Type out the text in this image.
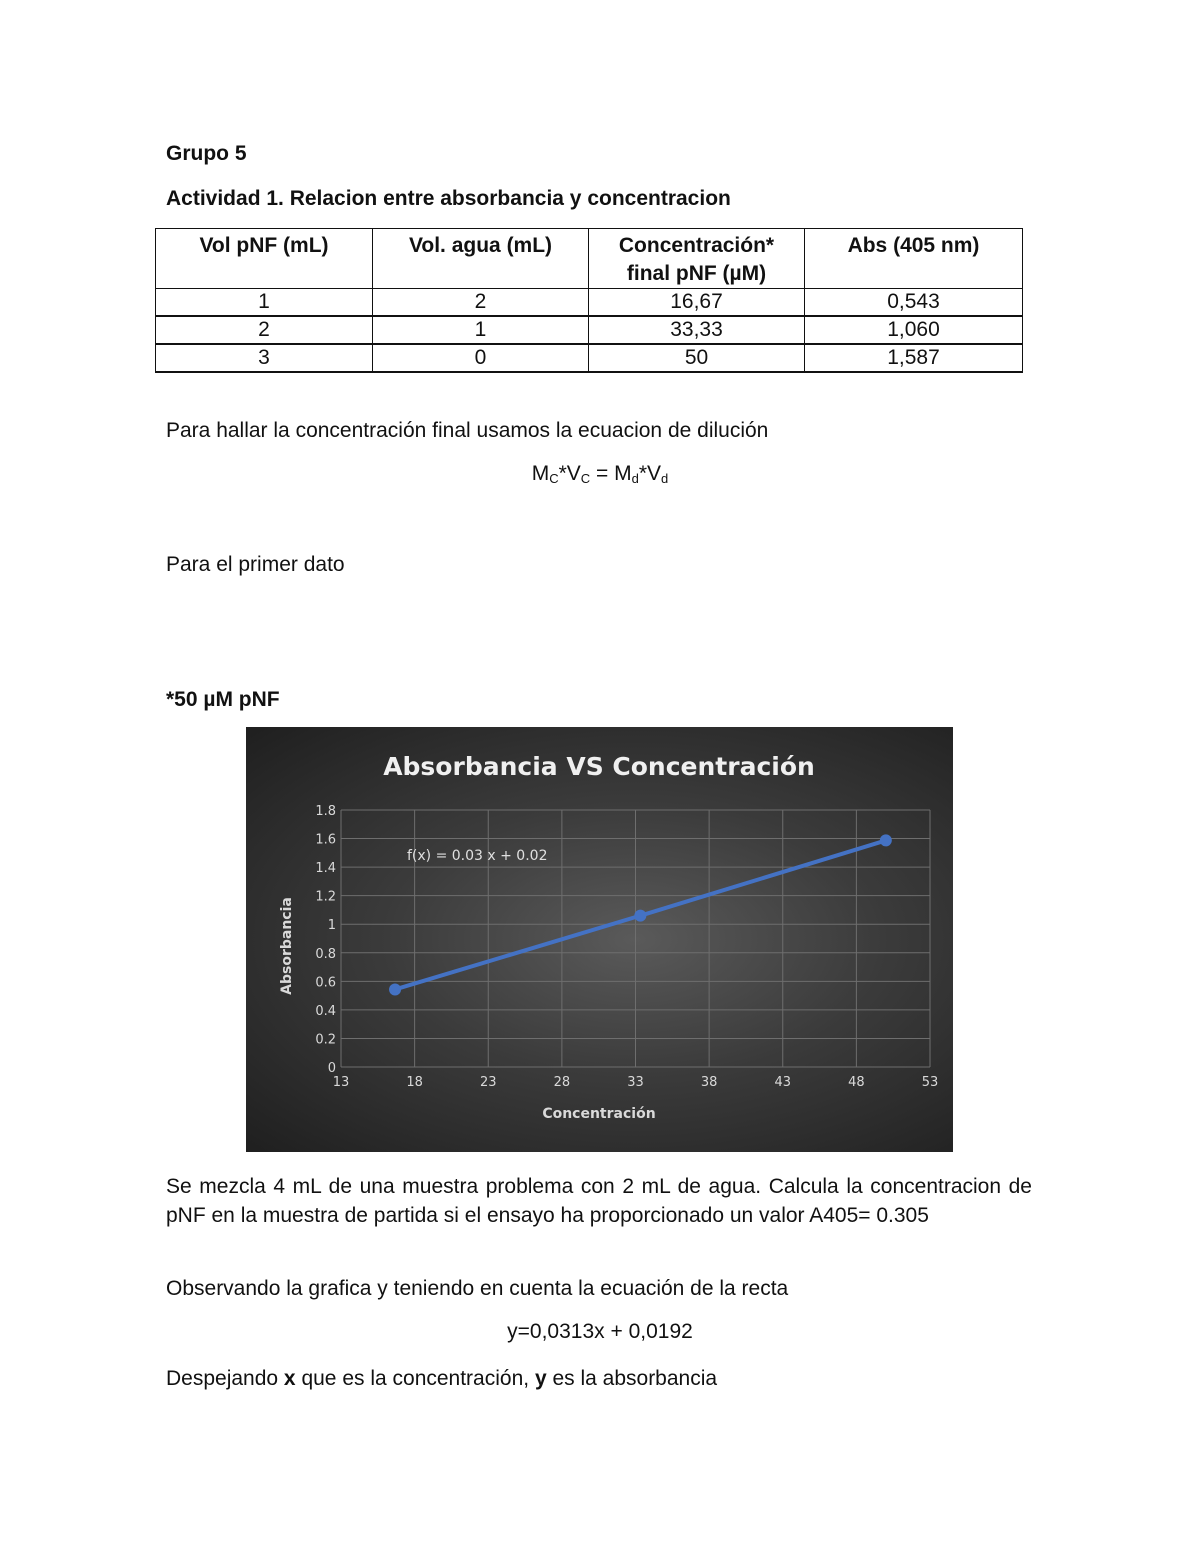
Grupo 5
Actividad 1. Relacion entre absorbancia y concentracion
Vol pNF (mL)	Vol. agua (mL)	Concentración* final pNF (µM)	Abs (405 nm)
1	2	16,67	0,543
2	1	33,33	1,060
3	0	50	1,587
Para hallar la concentración final usamos la ecuacion de dilución
$M_C*V_C = M_d*V_d$
Para el primer dato
*50 µM pNF
Absorbancia VS Concentración
0
0.2
0.4
0.6
0.8
1
1.2
1.4
1.6
1.8
13	18	23	28	33	38	43	48	53
Concentración
Absorbancia
f(x) = 0.03 x + 0.02
Se mezcla 4 mL de una muestra problema con 2 mL de agua. Calcula la concentracion de pNF en la muestra de partida si el ensayo ha proporcionado un valor A405= 0.305
Observando la grafica y teniendo en cuenta la ecuación de la recta
y=0,0313x + 0,0192
Despejando x que es la concentración, y es la absorbancia
